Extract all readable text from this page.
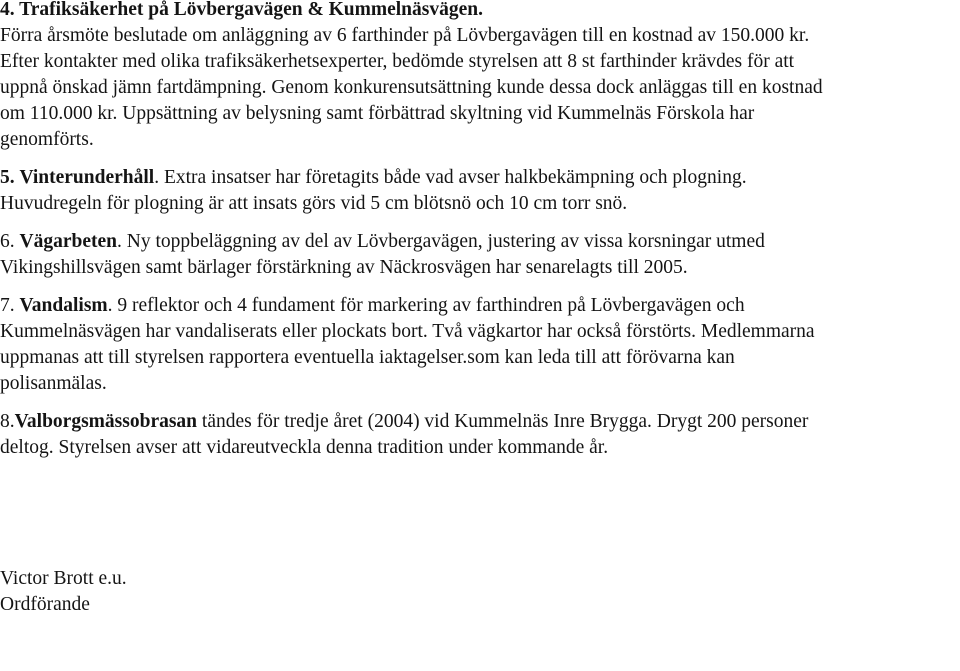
4. Trafiksäkerhet på Lövbergavägen & Kummelnäsvägen.
Förra årsmöte beslutade om anläggning av 6 farthinder på Lövbergavägen till en kostnad av 150.000 kr.
Efter kontakter med olika trafiksäkerhetsexperter, bedömde styrelsen att 8 st farthinder krävdes för att
uppnå önskad jämn fartdämpning. Genom konkurensutsättning kunde dessa dock anläggas till en kostnad
om 110.000 kr. Uppsättning av belysning samt förbättrad skyltning vid Kummelnäs Förskola har
genomförts.
5. Vinterunderhåll. Extra insatser har företagits både vad avser halkbekämpning och plogning.
Huvudregeln för plogning är att insats görs vid 5 cm blötsnö och 10 cm torr snö.
6. Vägarbeten. Ny toppbeläggning av del av Lövbergavägen, justering av vissa korsningar utmed
Vikingshillsvägen samt bärlager förstärkning av Näckrosvägen har senarelagts till 2005.
7. Vandalism. 9 reflektor och 4 fundament för markering av farthindren på Lövbergavägen och
Kummelnäsvägen har vandaliserats eller plockats bort. Två vägkartor har också förstörts. Medlemmarna
uppmanas att till styrelsen rapportera eventuella iaktagelser.som kan leda till att förövarna kan
polisanmälas.
8.Valborgsmässobrasan tändes för tredje året (2004) vid Kummelnäs Inre Brygga. Drygt 200 personer
deltog. Styrelsen avser att vidareutveckla denna tradition under kommande år.
Victor Brott e.u.
Ordförande
